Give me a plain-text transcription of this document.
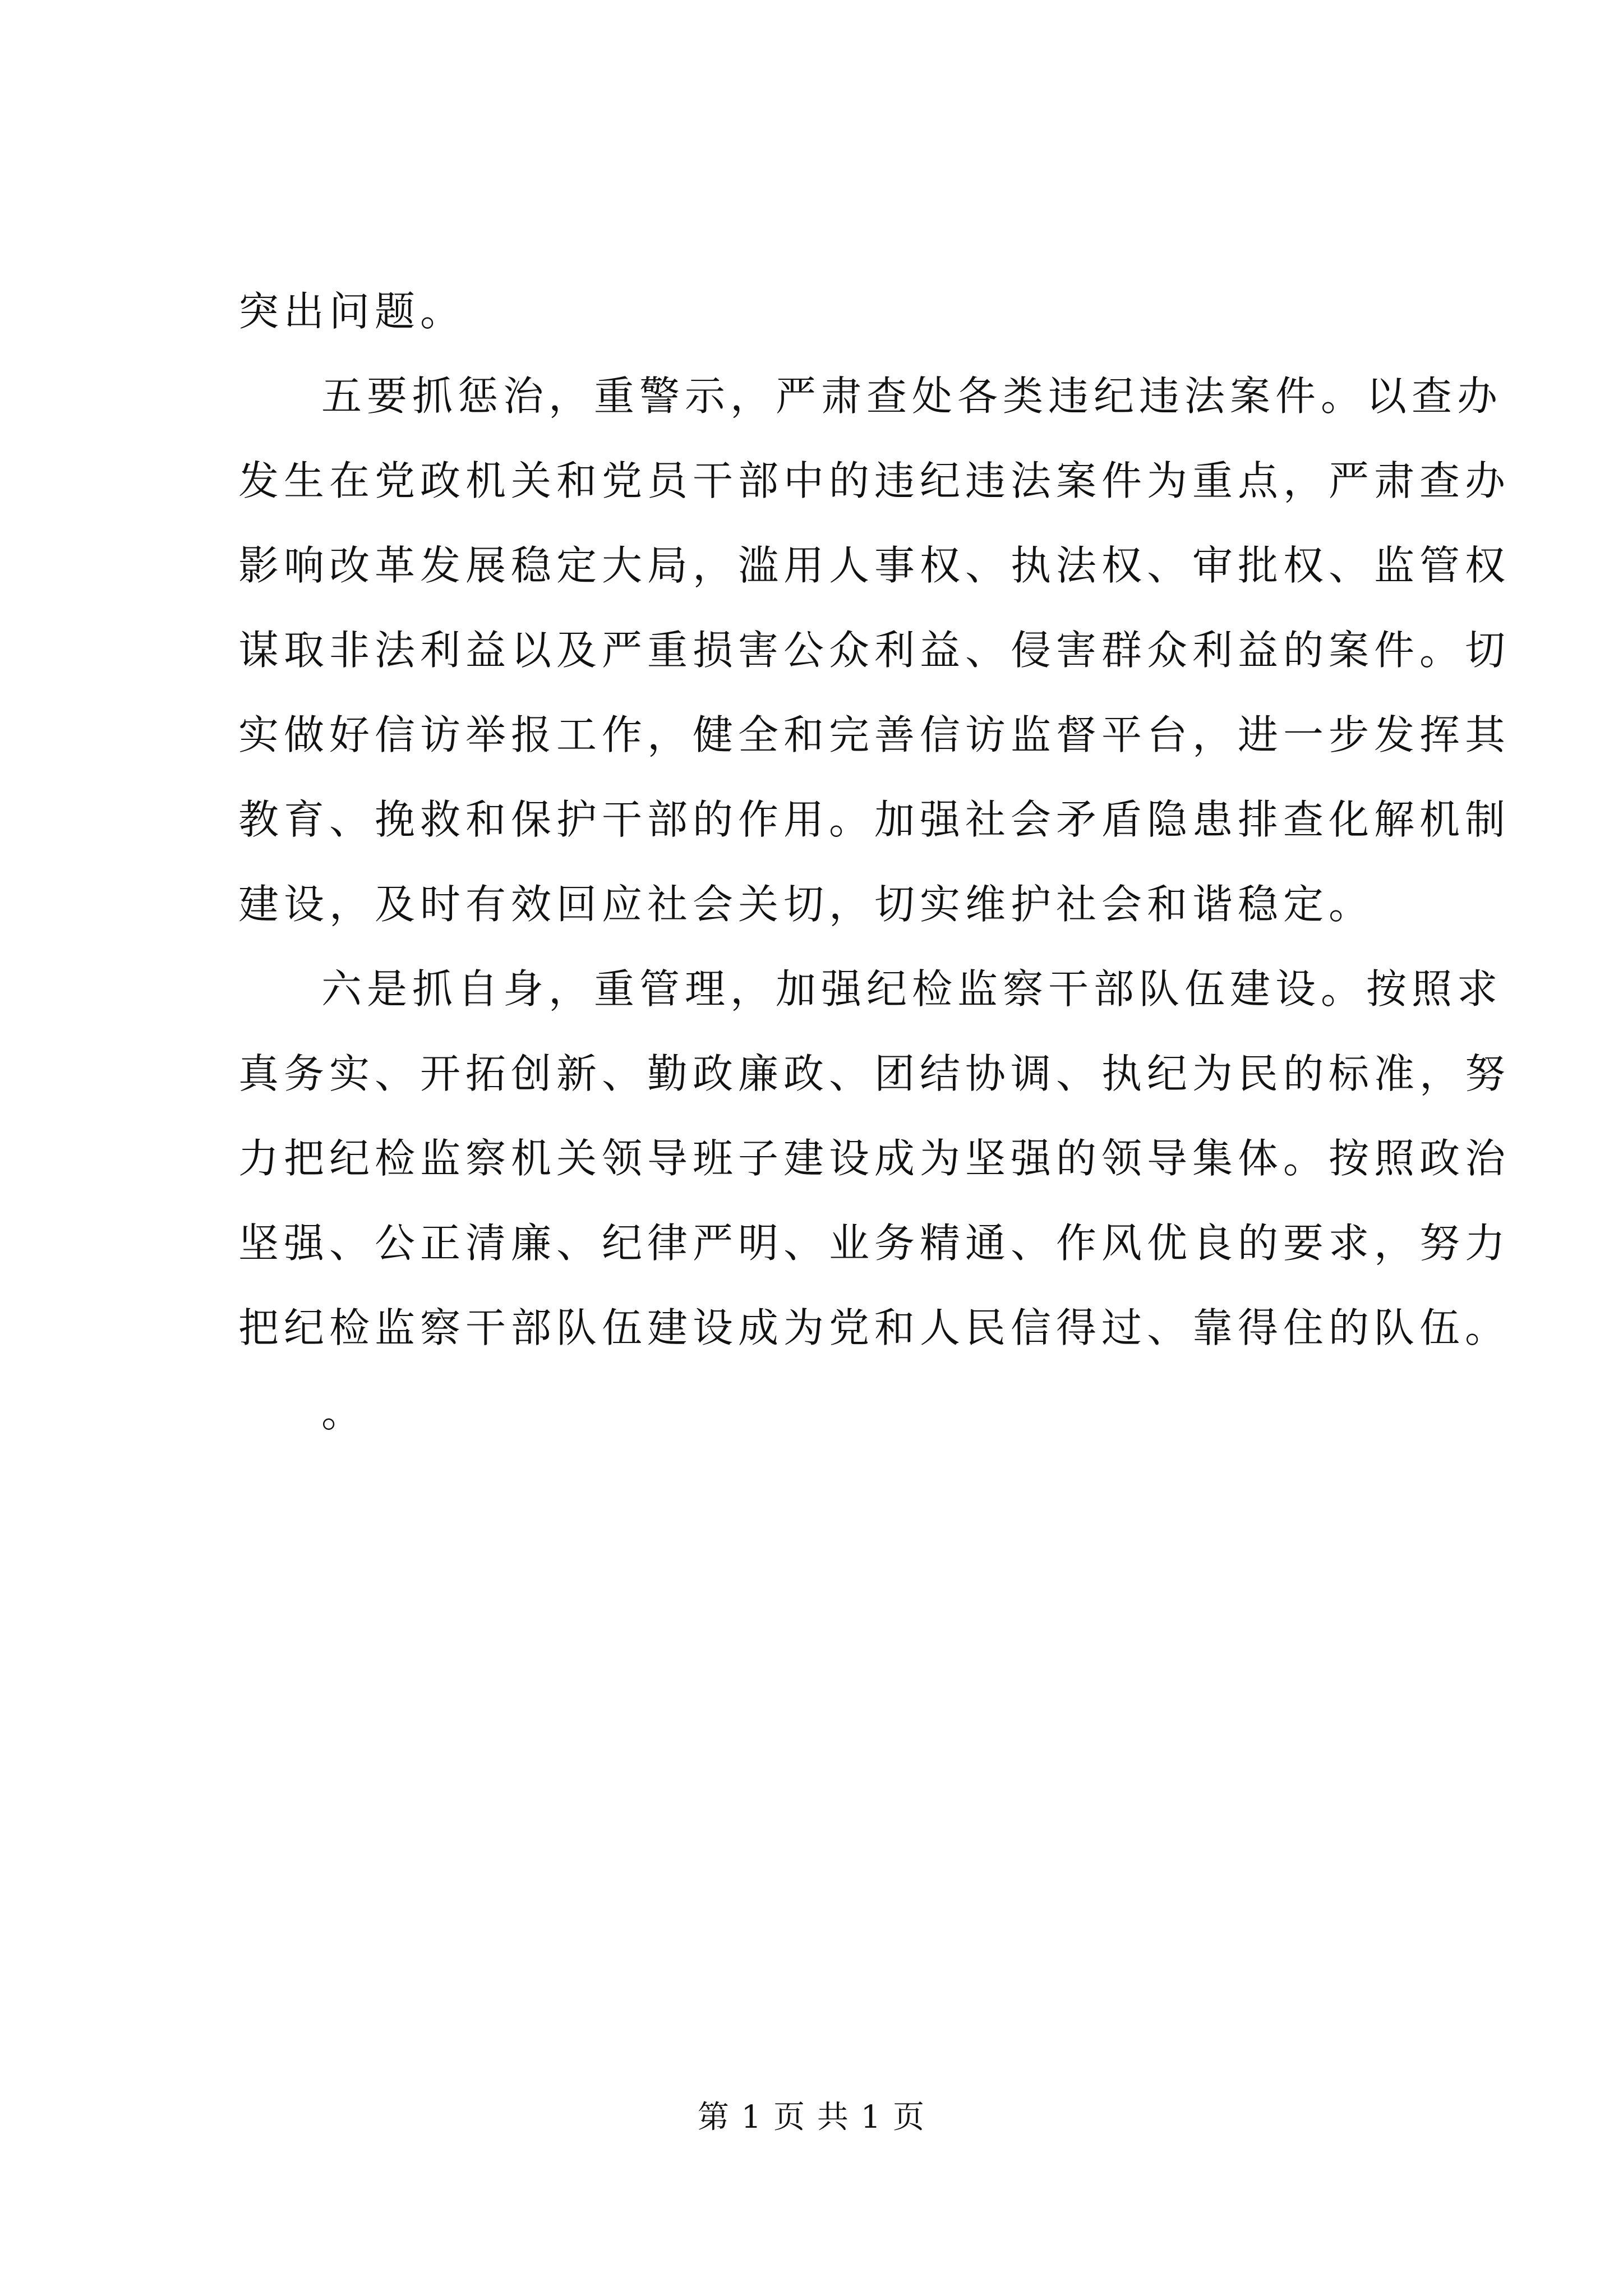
突出问题。
五要抓惩治，重警示，严肃查处各类违纪违法案件。以查办
发生在党政机关和党员干部中的违纪违法案件为重点，严肃查办
影响改革发展稳定大局，滥用人事权、执法权、审批权、监管权
谋取非法利益以及严重损害公众利益、侵害群众利益的案件。切
实做好信访举报工作，健全和完善信访监督平台，进一步发挥其
教育、挽救和保护干部的作用。加强社会矛盾隐患排查化解机制
建设，及时有效回应社会关切，切实维护社会和谐稳定。
六是抓自身，重管理，加强纪检监察干部队伍建设。按照求
真务实、开拓创新、勤政廉政、团结协调、执纪为民的标准，努
力把纪检监察机关领导班子建设成为坚强的领导集体。按照政治
坚强、公正清廉、纪律严明、业务精通、作风优良的要求，努力
把纪检监察干部队伍建设成为党和人民信得过、靠得住的队伍。
。
第 1 页 共 1 页
